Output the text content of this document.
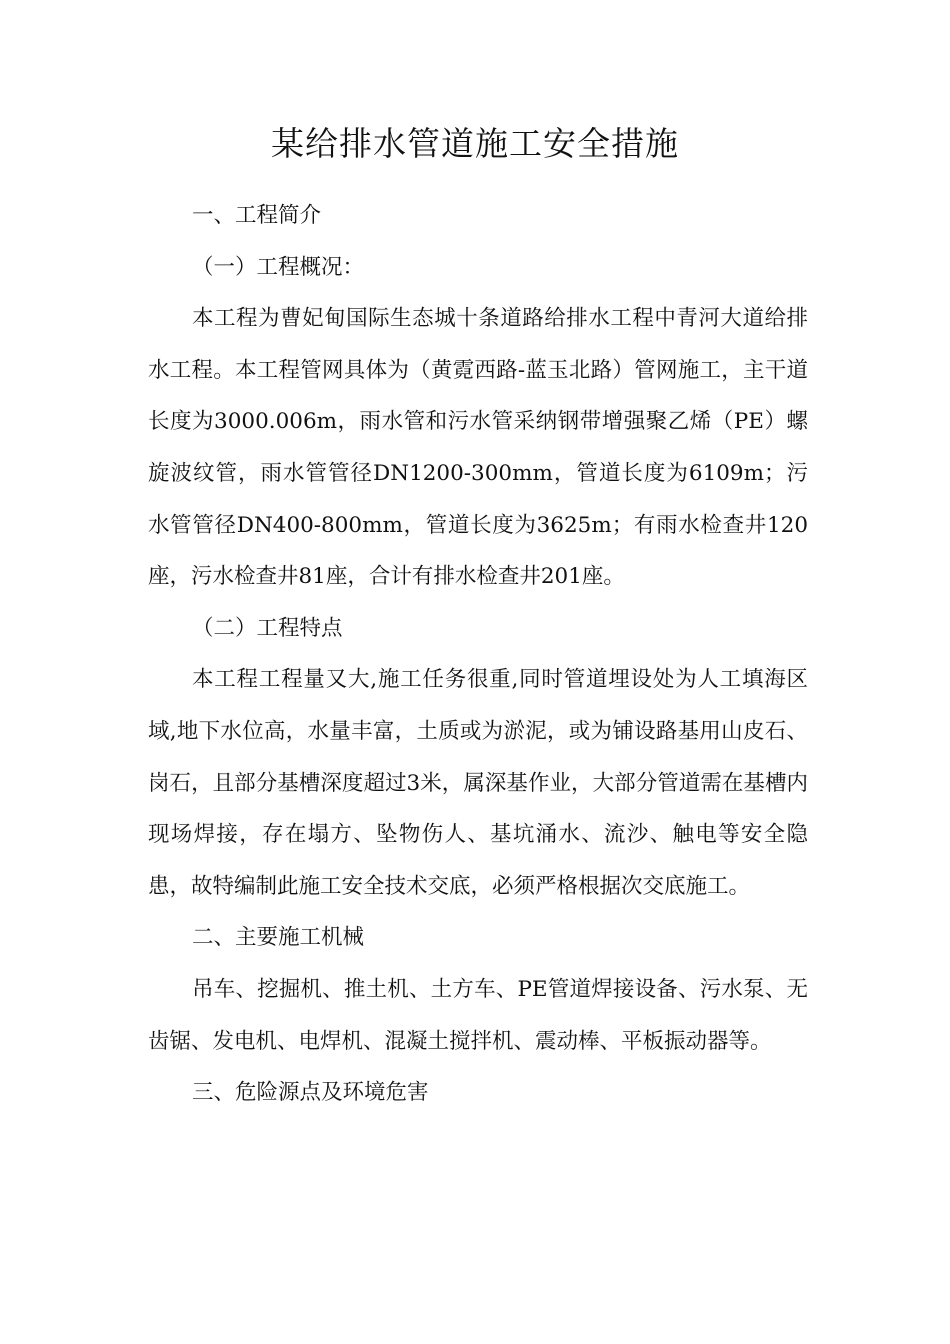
某给排水管道施工安全措施

一、工程简介

（一）工程概况：

本工程为曹妃甸国际生态城十条道路给排水工程中青河大道给排水工程。本工程管网具体为（黄霓西路-蓝玉北路）管网施工，主干道长度为3000.006m，雨水管和污水管采纳钢带增强聚乙烯（PE）螺旋波纹管，雨水管管径DN1200-300mm，管道长度为6109m；污水管管径DN400-800mm，管道长度为3625m；有雨水检查井120座，污水检查井81座，合计有排水检查井201座。

（二）工程特点

本工程工程量又大,施工任务很重,同时管道埋设处为人工填海区域,地下水位高，水量丰富，土质或为淤泥，或为铺设路基用山皮石、岗石，且部分基槽深度超过3米，属深基作业，大部分管道需在基槽内现场焊接，存在塌方、坠物伤人、基坑涌水、流沙、触电等安全隐患，故特编制此施工安全技术交底，必须严格根据次交底施工。

二、主要施工机械

吊车、挖掘机、推土机、土方车、PE管道焊接设备、污水泵、无齿锯、发电机、电焊机、混凝土搅拌机、震动棒、平板振动器等。

三、危险源点及环境危害
